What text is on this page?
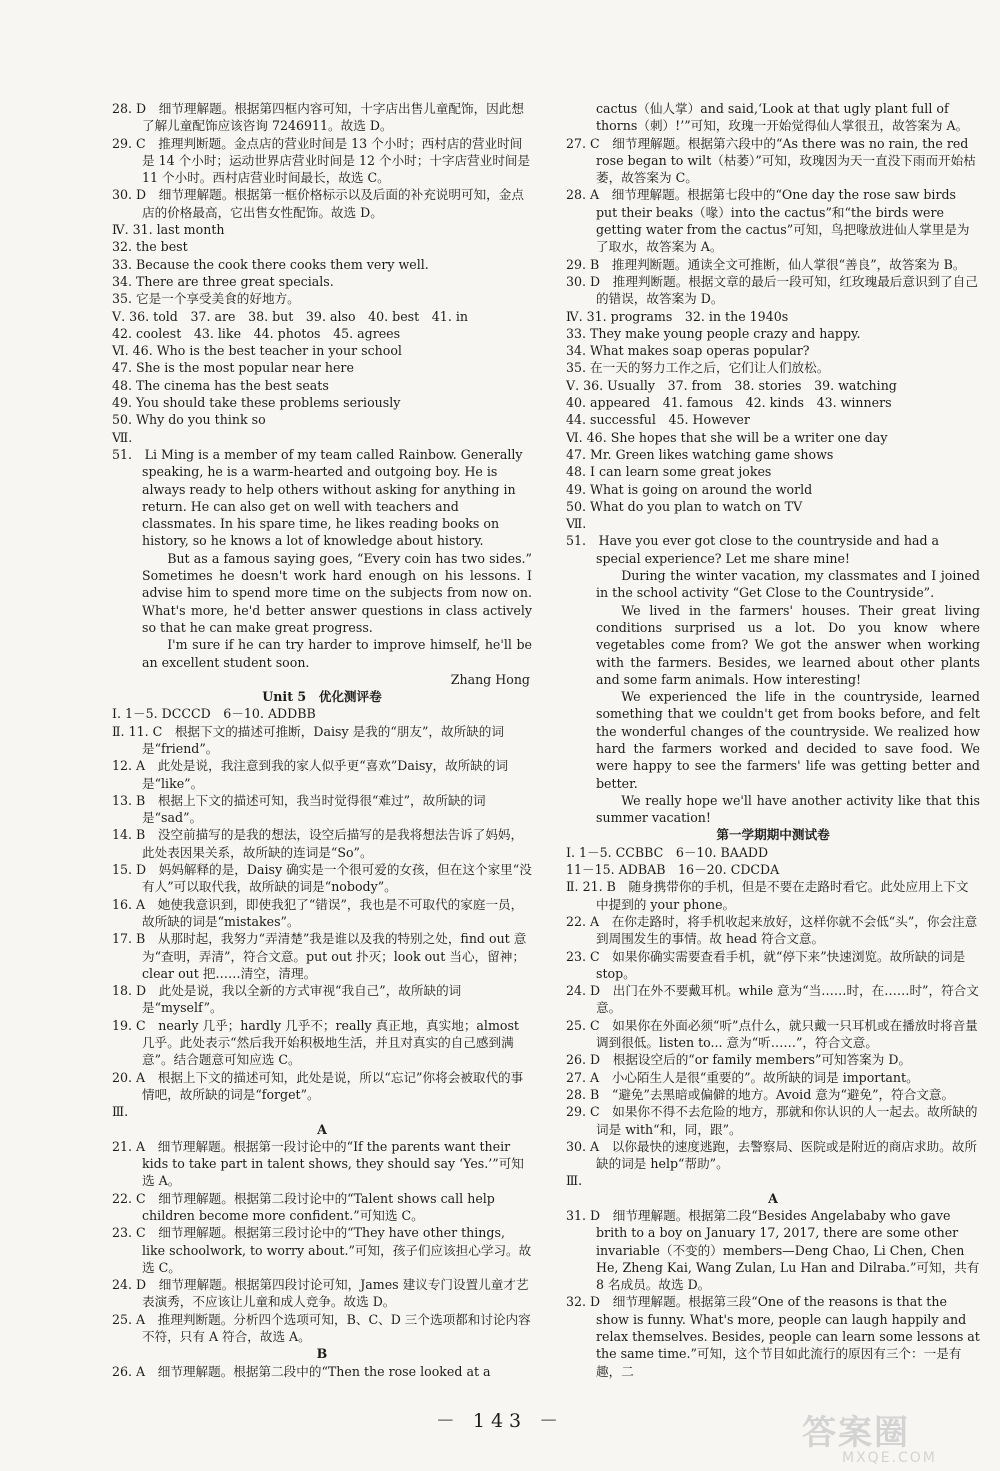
28. D　细节理解题。根据第四框内容可知，十字店出售儿童配饰，因此想了解儿童配饰应该咨询 7246911。故选 D。

29. C　推理判断题。金点店的营业时间是 13 个小时；西村店的营业时间是 14 个小时；运动世界店营业时间是 12 个小时；十字店营业时间是 11 个小时。西村店营业时间最长，故选 C。

30. D　细节理解题。根据第一框价格标示以及后面的补充说明可知，金点店的价格最高，它出售女性配饰。故选 D。

Ⅳ. 31. last month

32. the best

33. Because the cook there cooks them very well.

34. There are three great specials.

35. 它是一个享受美食的好地方。

Ⅴ. 36. told　37. are　38. but　39. also　40. best　41. in

42. coolest　43. like　44. photos　45. agrees

Ⅵ. 46. Who is the best teacher in your school

47. She is the most popular near here

48. The cinema has the best seats

49. You should take these problems seriously

50. Why do you think so

Ⅶ.

51.　Li Ming is a member of my team called Rainbow. Generally speaking, he is a warm-hearted and outgoing boy. He is always ready to help others without asking for anything in return. He can also get on well with teachers and classmates. In his spare time, he likes reading books on history, so he knows a lot of knowledge about history.

But as a famous saying goes, “Every coin has two sides.” Sometimes he doesn't work hard enough on his lessons. I advise him to spend more time on the subjects from now on. What's more, he'd better answer questions in class actively so that he can make great progress.

I'm sure if he can try harder to improve himself, he'll be an excellent student soon.

Zhang Hong

Unit 5　优化测评卷

Ⅰ. 1－5. DCCCD　6－10. ADDBB

Ⅱ. 11. C　根据下文的描述可推断，Daisy 是我的“朋友”，故所缺的词是“friend”。

12. A　此处是说，我注意到我的家人似乎更“喜欢”Daisy，故所缺的词是“like”。

13. B　根据上下文的描述可知，我当时觉得很“难过”，故所缺的词是“sad”。

14. B　没空前描写的是我的想法，设空后描写的是我将想法告诉了妈妈，此处表因果关系，故所缺的连词是“So”。

15. D　妈妈解释的是，Daisy 确实是一个很可爱的女孩，但在这个家里“没有人”可以取代我，故所缺的词是“nobody”。

16. A　她使我意识到，即使我犯了“错误”，我也是不可取代的家庭一员，故所缺的词是“mistakes”。

17. B　从那时起，我努力“弄清楚”我是谁以及我的特别之处，find out 意为“查明，弄清”，符合文意。put out 扑灭；look out 当心，留神；clear out 把……清空，清理。

18. D　此处是说，我以全新的方式审视“我自己”，故所缺的词是“myself”。

19. C　nearly 几乎；hardly 几乎不；really 真正地，真实地；almost 几乎。此处表示“然后我开始积极地生活，并且对真实的自己感到满意”。结合题意可知应选 C。

20. A　根据上下文的描述可知，此处是说，所以“忘记”你将会被取代的事情吧，故所缺的词是“forget”。

Ⅲ.

A

21. A　细节理解题。根据第一段讨论中的“If the parents want their kids to take part in talent shows, they should say ‘Yes.’”可知选 A。

22. C　细节理解题。根据第二段讨论中的“Talent shows call help children become more confident.”可知选 C。

23. C　细节理解题。根据第三段讨论中的“They have other things, like schoolwork, to worry about.”可知，孩子们应该担心学习。故选 C。

24. D　细节理解题。根据第四段讨论可知，James 建议专门设置儿童才艺表演秀，不应该让儿童和成人竞争。故选 D。

25. A　推理判断题。分析四个选项可知，B、C、D 三个选项都和讨论内容不符，只有 A 符合，故选 A。

B

26. A　细节理解题。根据第二段中的“Then the rose looked at a

cactus（仙人掌）and said,‘Look at that ugly plant full of thorns（刺）!’”可知，玫瑰一开始觉得仙人掌很丑，故答案为 A。

27. C　细节理解题。根据第六段中的“As there was no rain, the red rose began to wilt（枯萎）”可知，玫瑰因为天一直没下雨而开始枯萎，故答案为 C。

28. A　细节理解题。根据第七段中的“One day the rose saw birds put their beaks（喙）into the cactus”和“the birds were getting water from the cactus”可知，鸟把喙放进仙人掌里是为了取水，故答案为 A。

29. B　推理判断题。通读全文可推断，仙人掌很“善良”，故答案为 B。

30. D　推理判断题。根据文章的最后一段可知，红玫瑰最后意识到了自己的错误，故答案为 D。

Ⅳ. 31. programs　32. in the 1940s

33. They make young people crazy and happy.

34. What makes soap operas popular?

35. 在一天的努力工作之后，它们让人们放松。

Ⅴ. 36. Usually　37. from　38. stories　39. watching

40. appeared　41. famous　42. kinds　43. winners

44. successful　45. However

Ⅵ. 46. She hopes that she will be a writer one day

47. Mr. Green likes watching game shows

48. I can learn some great jokes

49. What is going on around the world

50. What do you plan to watch on TV

Ⅶ.

51.　Have you ever got close to the countryside and had a special experience? Let me share mine!

During the winter vacation, my classmates and I joined in the school activity “Get Close to the Countryside”.

We lived in the farmers' houses. Their great living conditions surprised us a lot. Do you know where vegetables come from? We got the answer when working with the farmers. Besides, we learned about other plants and some farm animals. How interesting!

We experienced the life in the countryside, learned something that we couldn't get from books before, and felt the wonderful changes of the countryside. We realized how hard the farmers worked and decided to save food. We were happy to see the farmers' life was getting better and better.

We really hope we'll have another activity like that this summer vacation!

第一学期期中测试卷

Ⅰ. 1－5. CCBBC　6－10. BAADD

11－15. ADBAB　16－20. CDCDA

Ⅱ. 21. B　随身携带你的手机，但是不要在走路时看它。此处应用上下文中提到的 your phone。

22. A　在你走路时，将手机收起来放好，这样你就不会低“头”，你会注意到周围发生的事情。故 head 符合文意。

23. C　如果你确实需要查看手机，就“停下来”快速浏览。故所缺的词是 stop。

24. D　出门在外不要戴耳机。while 意为“当……时，在……时”，符合文意。

25. C　如果你在外面必须“听”点什么，就只戴一只耳机或在播放时将音量调到很低。listen to... 意为“听……”，符合文意。

26. D　根据设空后的“or family members”可知答案为 D。

27. A　小心陌生人是很“重要的”。故所缺的词是 important。

28. B　“避免”去黑暗或偏僻的地方。Avoid 意为“避免”，符合文意。

29. C　如果你不得不去危险的地方，那就和你认识的人一起去。故所缺的词是 with“和，同，跟”。

30. A　以你最快的速度逃跑，去警察局、医院或是附近的商店求助。故所缺的词是 help“帮助”。

Ⅲ.

A

31. D　细节理解题。根据第二段“Besides Angelababy who gave brith to a boy on January 17, 2017, there are some other invariable（不变的）members—Deng Chao, Li Chen, Chen He, Zheng Kai, Wang Zulan, Lu Han and Dilraba.”可知，共有 8 名成员。故选 D。

32. D　细节理解题。根据第三段“One of the reasons is that the show is funny. What's more, people can laugh happily and relax themselves. Besides, people can learn some lessons at the same time.”可知，这个节目如此流行的原因有三个：一是有趣，二

－ 143 －	答案圈
MXQE.COM
